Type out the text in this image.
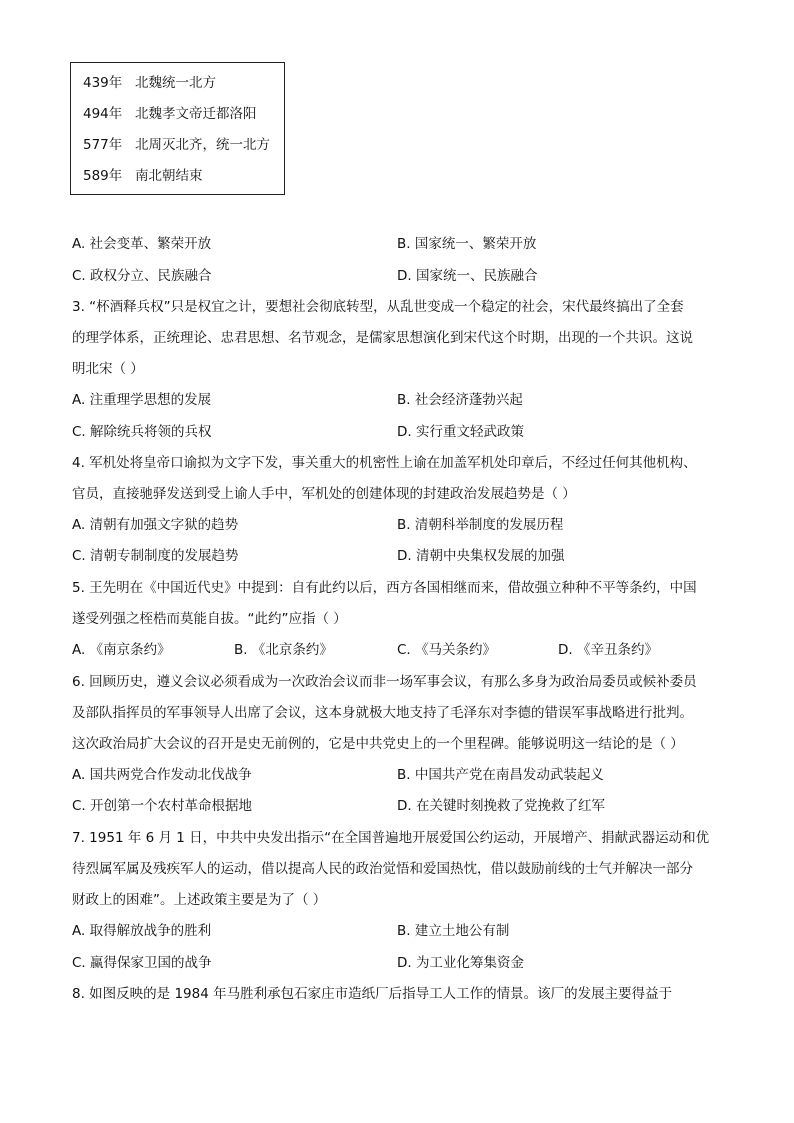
439年 北魏统一北方
494年 北魏孝文帝迁都洛阳
577年 北周灭北齐，统一北方
589年 南北朝结束
A. 社会变革、繁荣开放	B. 国家统一、繁荣开放
C. 政权分立、民族融合	D. 国家统一、民族融合
3. “杯酒释兵权”只是权宜之计，要想社会彻底转型，从乱世变成一个稳定的社会，宋代最终搞出了全套
的理学体系，正统理论、忠君思想、名节观念，是儒家思想演化到宋代这个时期，出现的一个共识。这说
明北宋（ ）
A. 注重理学思想的发展	B. 社会经济蓬勃兴起
C. 解除统兵将领的兵权	D. 实行重文轻武政策
4. 军机处将皇帝口谕拟为文字下发，事关重大的机密性上谕在加盖军机处印章后，不经过任何其他机构、
官员，直接驰驿发送到受上谕人手中，军机处的创建体现的封建政治发展趋势是（ ）
A. 清朝有加强文字狱的趋势	B. 清朝科举制度的发展历程
C. 清朝专制制度的发展趋势	D. 清朝中央集权发展的加强
5. 王先明在《中国近代史》中提到：自有此约以后，西方各国相继而来，借故强立种种不平等条约，中国
遂受列强之桎梏而莫能自拔。“此约”应指（ ）
A. 《南京条约》	B. 《北京条约》	C. 《马关条约》	D. 《辛丑条约》
6. 回顾历史，遵义会议必须看成为一次政治会议而非一场军事会议，有那么多身为政治局委员或候补委员
及部队指挥员的军事领导人出席了会议，这本身就极大地支持了毛泽东对李德的错误军事战略进行批判。
这次政治局扩大会议的召开是史无前例的，它是中共党史上的一个里程碑。能够说明这一结论的是（ ）
A. 国共两党合作发动北伐战争	B. 中国共产党在南昌发动武装起义
C. 开创第一个农村革命根据地	D. 在关键时刻挽救了党挽救了红军
7. 1951 年 6 月 1 日，中共中央发出指示“在全国普遍地开展爱国公约运动，开展增产、捐献武器运动和优
待烈属军属及残疾军人的运动，借以提高人民的政治觉悟和爱国热忱，借以鼓励前线的士气并解决一部分
财政上的困难”。上述政策主要是为了（ ）
A. 取得解放战争的胜利	B. 建立土地公有制
C. 赢得保家卫国的战争	D. 为工业化筹集资金
8. 如图反映的是 1984 年马胜利承包石家庄市造纸厂后指导工人工作的情景。该厂的发展主要得益于
